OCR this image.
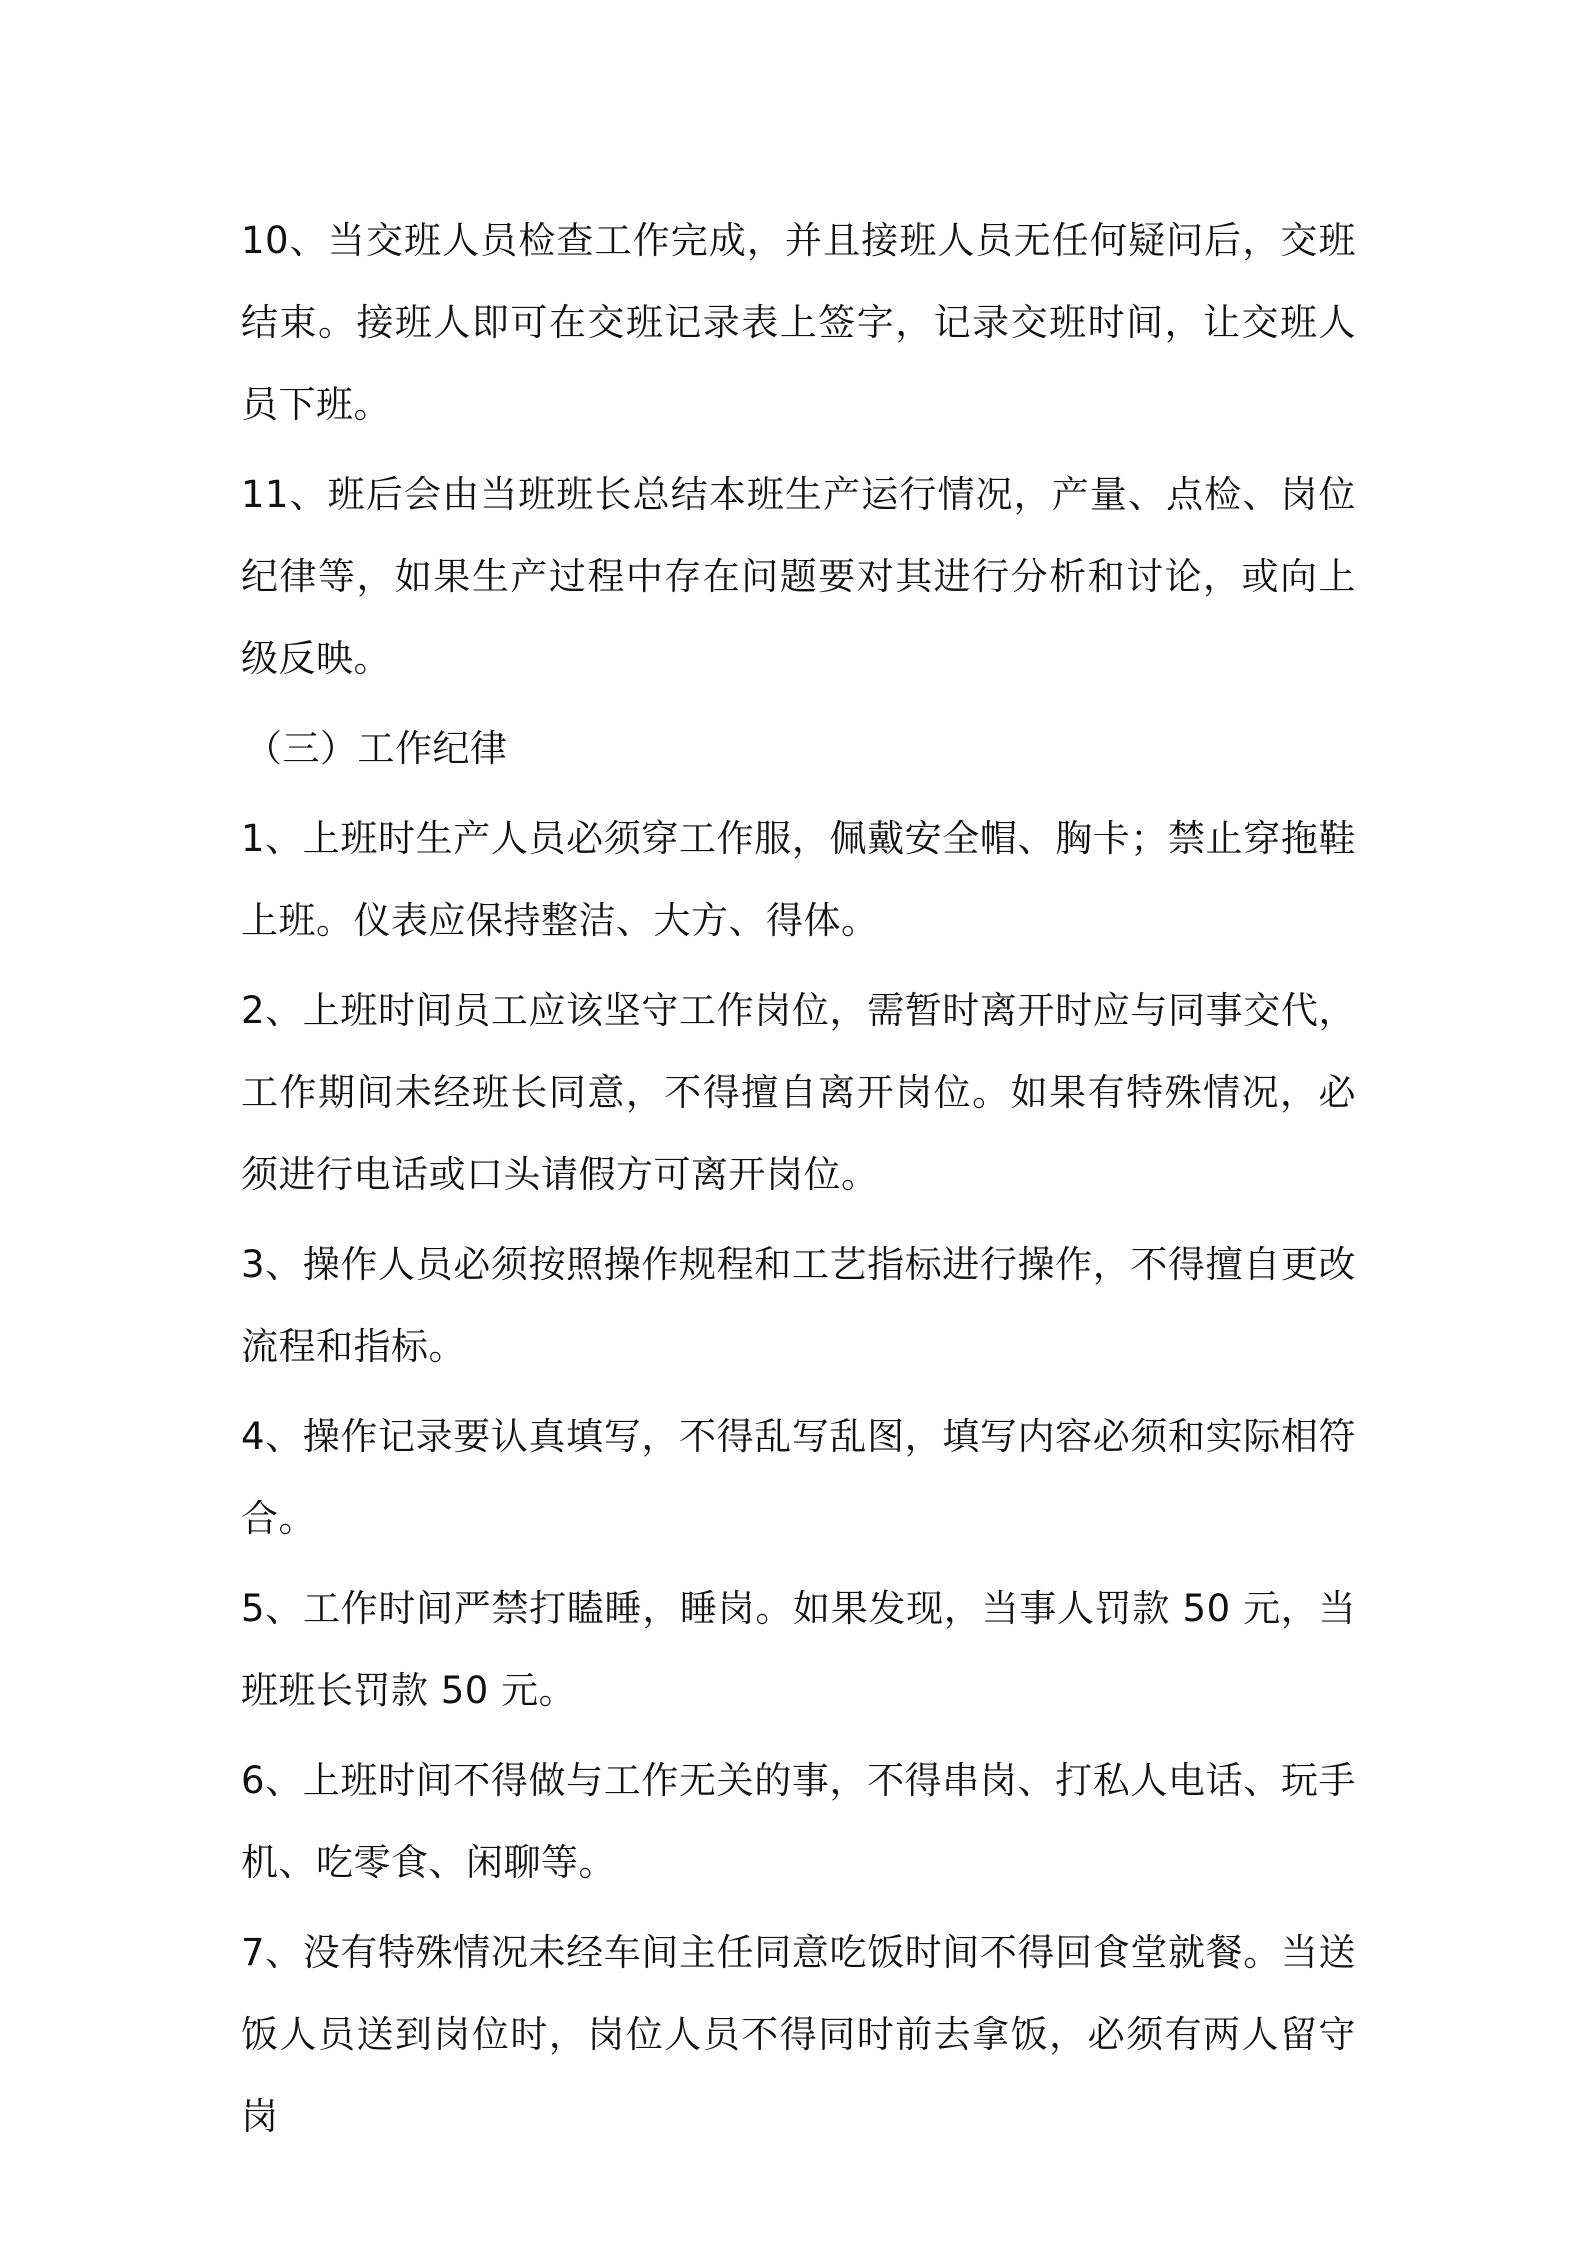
10、当交班人员检查工作完成，并且接班人员无任何疑问后，交班结束。接班人即可在交班记录表上签字，记录交班时间，让交班人员下班。

11、班后会由当班班长总结本班生产运行情况，产量、点检、岗位纪律等，如果生产过程中存在问题要对其进行分析和讨论，或向上级反映。

（三）工作纪律

1、上班时生产人员必须穿工作服，佩戴安全帽、胸卡；禁止穿拖鞋上班。仪表应保持整洁、大方、得体。

2、上班时间员工应该坚守工作岗位，需暂时离开时应与同事交代，工作期间未经班长同意，不得擅自离开岗位。如果有特殊情况，必须进行电话或口头请假方可离开岗位。

3、操作人员必须按照操作规程和工艺指标进行操作，不得擅自更改流程和指标。

4、操作记录要认真填写，不得乱写乱图，填写内容必须和实际相符合。

5、工作时间严禁打瞌睡，睡岗。如果发现，当事人罚款 50 元，当班班长罚款 50 元。

6、上班时间不得做与工作无关的事，不得串岗、打私人电话、玩手机、吃零食、闲聊等。

7、没有特殊情况未经车间主任同意吃饭时间不得回食堂就餐。当送饭人员送到岗位时，岗位人员不得同时前去拿饭，必须有两人留守岗
